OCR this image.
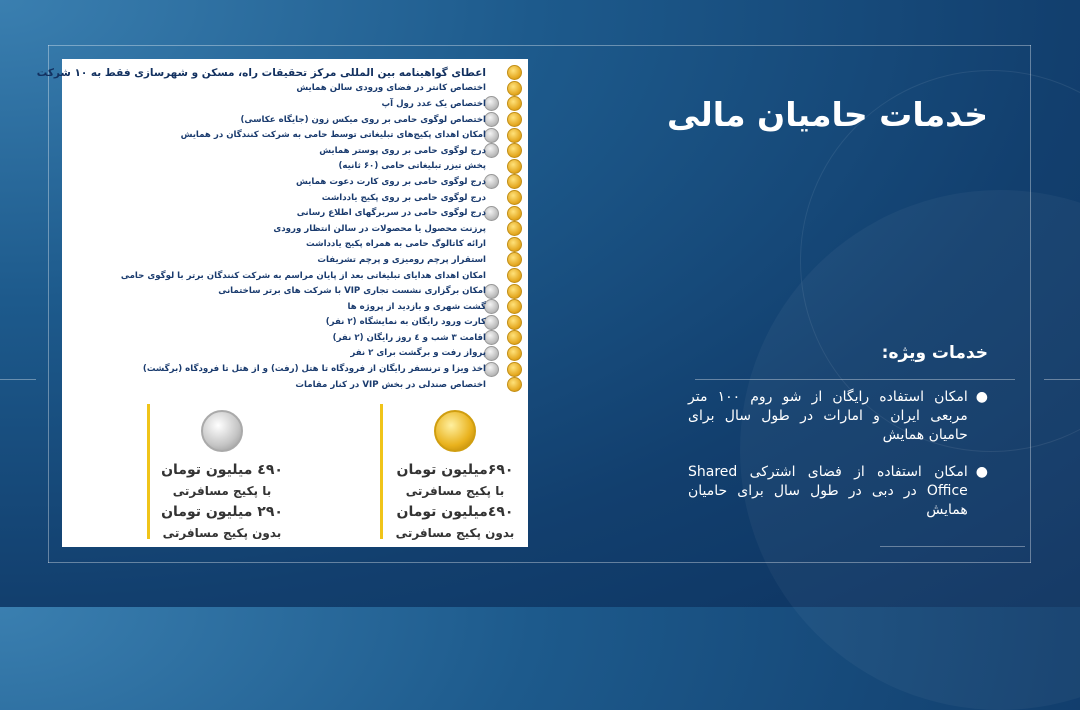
اعطای گواهینامه بین المللی مرکز تحقیقات راه، مسکن و شهرسازی فقط به ۱۰ شرکت
اختصاص کانتر در فضای ورودی سالن همایش
اختصاص یک عدد رول آپ
اختصاص لوگوی حامی بر روی میکس زون (جایگاه عکاسی)
امکان اهدای پکیج‌های تبلیغاتی توسط حامی به شرکت کنندگان در همایش
درج لوگوی حامی بر روی پوستر همایش
پخش تیزر تبلیغاتی حامی (۶۰ ثانیه)
درج لوگوی حامی بر روی کارت دعوت همایش
درج لوگوی حامی بر روی پکیج یادداشت
درج لوگوی حامی در سربرگهای اطلاع رسانی
پرزنت محصول یا محصولات در سالن انتظار ورودی
ارائه کاتالوگ حامی به همراه پکیج یادداشت
استقرار پرچم رومیزی و پرچم تشریفات
امکان اهدای هدایای تبلیغاتی بعد از پایان مراسم به شرکت کنندگان برتر با لوگوی حامی
امکان برگزاری نشست تجاری VIP با شرکت های برتر ساختمانی
گشت شهری و بازدید از پروژه ها
کارت ورود رایگان به نمایشگاه (۲ نفر)
اقامت ۳ شب و ٤ روز رایگان (۲ نفر)
پرواز رفت و برگشت برای ۲ نفر
اخذ ویزا و ترنسفر رایگان از فرودگاه تا هتل (رفت) و از هتل تا فرودگاه (برگشت)
اختصاص صندلی در بخش VIP در کنار مقامات
۶۹۰میلیون تومان
با پکیج مسافرتی
٤۹۰میلیون تومان
بدون پکیج مسافرتی
٤۹۰ میلیون تومان
با پکیج مسافرتی
۲۹۰ میلیون تومان
بدون پکیج مسافرتی
خدمات حامیان مالی
خدمات ویژه:
●
امکان استفاده رایگان از شو روم ۱۰۰ متر مربعی ایران و امارات در طول سال برای حامیان همایش
●
امکان استفاده از فضای اشترکی Shared Office در دبی در طول سال برای حامیان همایش
